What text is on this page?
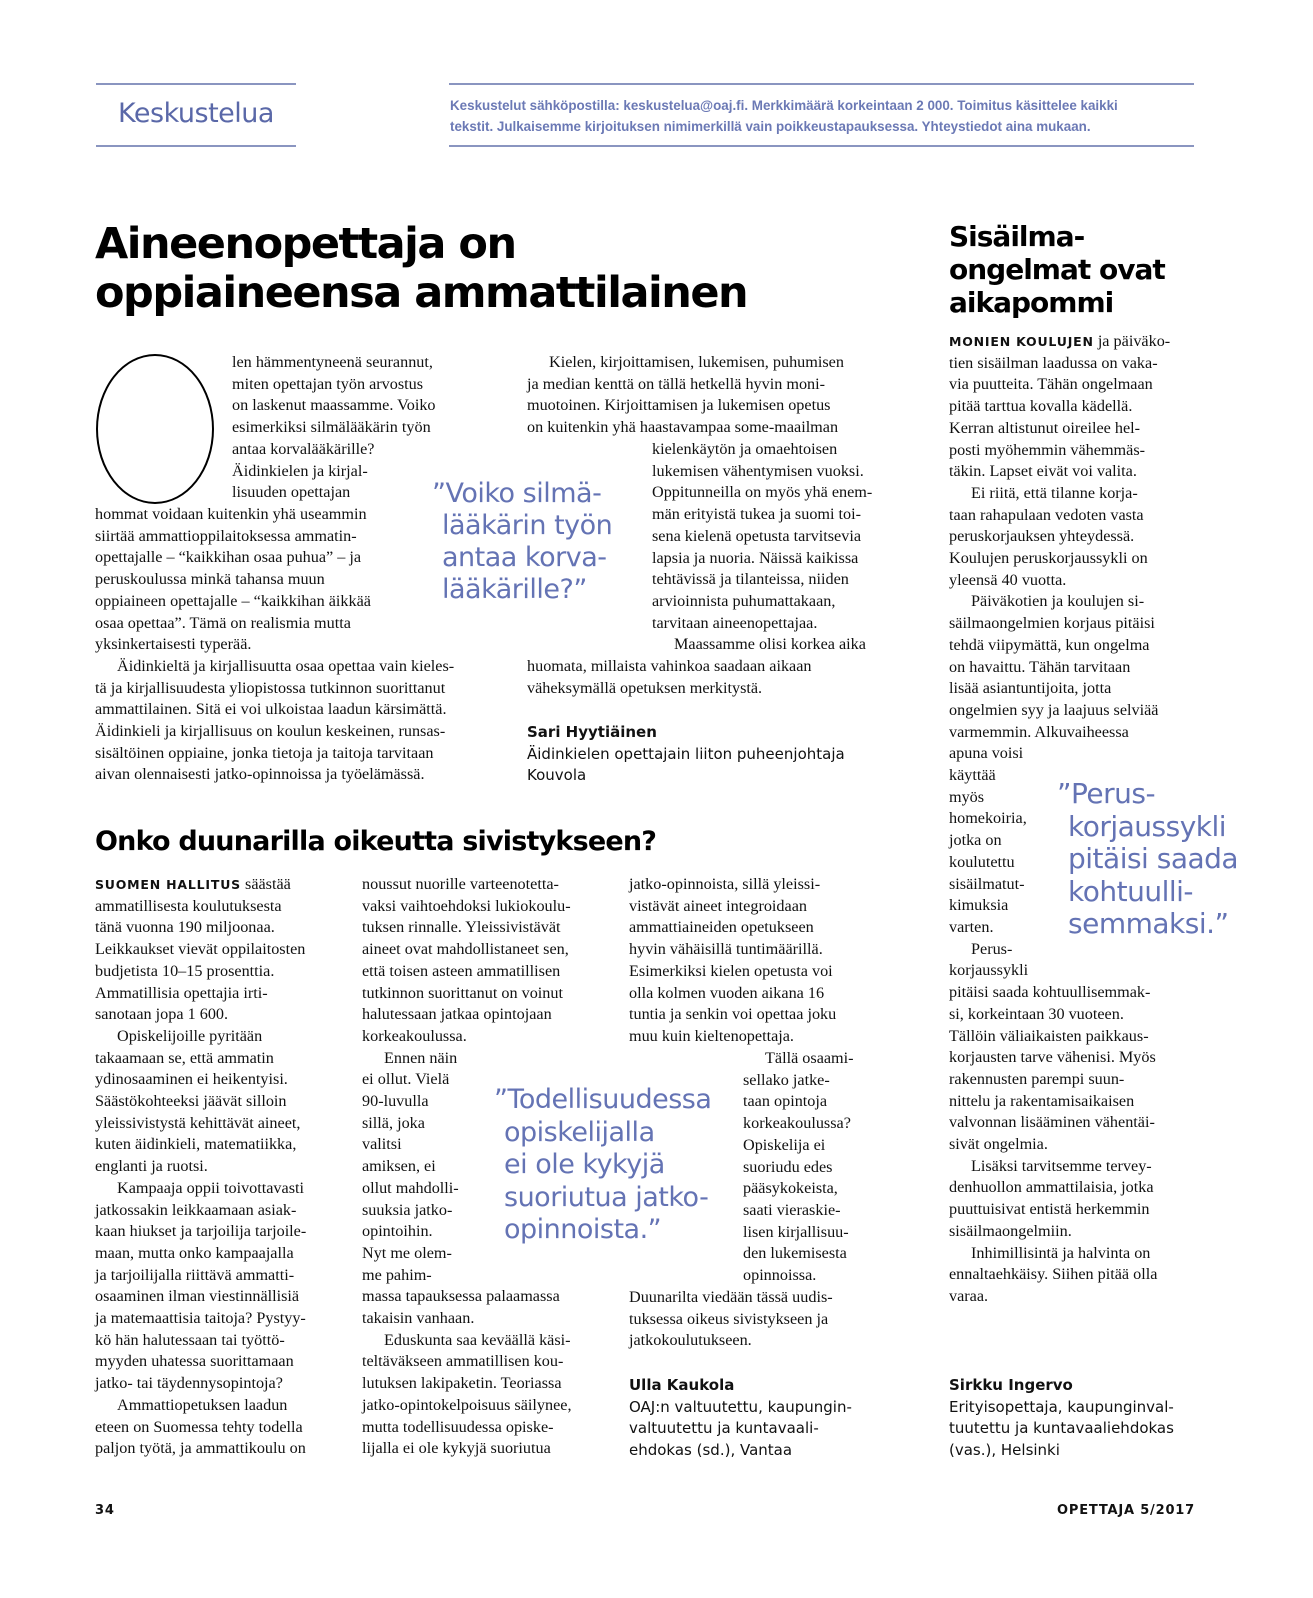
Keskustelua	Keskustelut sähköpostilla: keskustelua@oaj.fi. Merkkimäärä korkeintaan 2 000. Toimitus käsittelee kaikki
tekstit. Julkaisemme kirjoituksen nimimerkillä vain poikkeustapauksessa. Yhteystiedot aina mukaan.
Aineenopettaja on
oppiaineensa ammattilainen
len hämmentyneenä seurannut,
miten opettajan työn arvostus
on laskenut maassamme. Voiko
esimerkiksi silmälääkärin työn
antaa korvalääkärille?
Äidinkielen ja kirjal-
lisuuden opettajan
hommat voidaan kuitenkin yhä useammin
siirtää ammattioppilaitoksessa ammatin-
opettajalle – “kaikkihan osaa puhua” – ja
peruskoulussa minkä tahansa muun
oppiaineen opettajalle – “kaikkihan äikkää
osaa opettaa”. Tämä on realismia mutta
yksinkertaisesti typerää.
Äidinkieltä ja kirjallisuutta osaa opettaa vain kieles-
tä ja kirjallisuudesta yliopistossa tutkinnon suorittanut
ammattilainen. Sitä ei voi ulkoistaa laadun kärsimättä.
Äidinkieli ja kirjallisuus on koulun keskeinen, runsas-
sisältöinen oppiaine, jonka tietoja ja taitoja tarvitaan
aivan olennaisesti jatko-opinnoissa ja työelämässä.
”Voiko silmä-
lääkärin työn
antaa korva-
lääkärille?”
Kielen, kirjoittamisen, lukemisen, puhumisen
ja median kenttä on tällä hetkellä hyvin moni-
muotoinen. Kirjoittamisen ja lukemisen opetus
on kuitenkin yhä haastavampaa some-maailman
kielenkäytön ja omaehtoisen
lukemisen vähentymisen vuoksi.
Oppitunneilla on myös yhä enem-
män erityistä tukea ja suomi toi-
sena kielenä opetusta tarvitsevia
lapsia ja nuoria. Näissä kaikissa
tehtävissä ja tilanteissa, niiden
arvioinnista puhumattakaan,
tarvitaan aineenopettajaa.
Maassamme olisi korkea aika
huomata, millaista vahinkoa saadaan aikaan
väheksymällä opetuksen merkitystä.
Sari Hyytiäinen
Äidinkielen opettajain liiton puheenjohtaja
Kouvola
Sisäilma-
ongelmat ovat
aikapommi
MONIEN KOULUJEN ja päiväko-
tien sisäilman laadussa on vaka-
via puutteita. Tähän ongelmaan
pitää tarttua kovalla kädellä.
Kerran altistunut oireilee hel-
posti myöhemmin vähemmäs-
täkin. Lapset eivät voi valita.
Ei riitä, että tilanne korja-
taan rahapulaan vedoten vasta
peruskorjauksen yhteydessä.
Koulujen peruskorjaussykli on
yleensä 40 vuotta.
Päiväkotien ja koulujen si-
säilmaongelmien korjaus pitäisi
tehdä viipymättä, kun ongelma
on havaittu. Tähän tarvitaan
lisää asiantuntijoita, jotta
ongelmien syy ja laajuus selviää
varmemmin. Alkuvaiheessa
apuna voisi
käyttää
myös
homekoiria,
jotka on
koulutettu
sisäilmatut-
kimuksia
varten.
Perus-
korjaussykli
pitäisi saada kohtuullisemmak-
si, korkeintaan 30 vuoteen.
Tällöin väliaikaisten paikkaus-
korjausten tarve vähenisi. Myös
rakennusten parempi suun-
nittelu ja rakentamisaikaisen
valvonnan lisääminen vähentäi-
sivät ongelmia.
Lisäksi tarvitsemme tervey-
denhuollon ammattilaisia, jotka
puuttuisivat entistä herkemmin
sisäilmaongelmiin.
Inhimillisintä ja halvinta on
ennaltaehkäisy. Siihen pitää olla
varaa.
”Perus-
korjaussykli
pitäisi saada
kohtuulli-
semmaksi.”
Sirkku Ingervo
Erityisopettaja, kaupunginval-
tuutettu ja kuntavaaliehdokas
(vas.), Helsinki
Onko duunarilla oikeutta sivistykseen?
SUOMEN HALLITUS säästää
ammatillisesta koulutuksesta
tänä vuonna 190 miljoonaa.
Leikkaukset vievät oppilaitosten
budjetista 10–15 prosenttia.
Ammatillisia opettajia irti-
sanotaan jopa 1 600.
Opiskelijoille pyritään
takaamaan se, että ammatin
ydinosaaminen ei heikentyisi.
Säästökohteeksi jäävät silloin
yleissivistystä kehittävät aineet,
kuten äidinkieli, matematiikka,
englanti ja ruotsi.
Kampaaja oppii toivottavasti
jatkossakin leikkaamaan asiak-
kaan hiukset ja tarjoilija tarjoile-
maan, mutta onko kampaajalla
ja tarjoilijalla riittävä ammatti-
osaaminen ilman viestinnällisiä
ja matemaattisia taitoja? Pystyy-
kö hän halutessaan tai työttö-
myyden uhatessa suorittamaan
jatko- tai täydennysopintoja?
Ammattiopetuksen laadun
eteen on Suomessa tehty todella
paljon työtä, ja ammattikoulu on
noussut nuorille varteenotetta-
vaksi vaihtoehdoksi lukiokoulu-
tuksen rinnalle. Yleissivistävät
aineet ovat mahdollistaneet sen,
että toisen asteen ammatillisen
tutkinnon suorittanut on voinut
halutessaan jatkaa opintojaan
korkeakoulussa.
Ennen näin
ei ollut. Vielä
90-luvulla
sillä, joka
valitsi
amiksen, ei
ollut mahdolli-
suuksia jatko-
opintoihin.
Nyt me olem-
me pahim-
massa tapauksessa palaamassa
takaisin vanhaan.
Eduskunta saa keväällä käsi-
teltäväkseen ammatillisen kou-
lutuksen lakipaketin. Teoriassa
jatko-opintokelpoisuus säilynee,
mutta todellisuudessa opiske-
lijalla ei ole kykyjä suoriutua
”Todellisuudessa
opiskelijalla
ei ole kykyjä
suoriutua jatko-
opinnoista.”
jatko-opinnoista, sillä yleissi-
vistävät aineet integroidaan
ammattiaineiden opetukseen
hyvin vähäisillä tuntimäärillä.
Esimerkiksi kielen opetusta voi
olla kolmen vuoden aikana 16
tuntia ja senkin voi opettaa joku
muu kuin kieltenopettaja.
Tällä osaami-
sellako jatke-
taan opintoja
korkeakoulussa?
Opiskelija ei
suoriudu edes
pääsykokeista,
saati vieraskie-
lisen kirjallisuu-
den lukemisesta
opinnoissa.
Duunarilta viedään tässä uudis-
tuksessa oikeus sivistykseen ja
jatkokoulutukseen.
Ulla Kaukola
OAJ:n valtuutettu, kaupungin-
valtuutettu ja kuntavaali-
ehdokas (sd.), Vantaa
34	OPETTAJA 5/2017
